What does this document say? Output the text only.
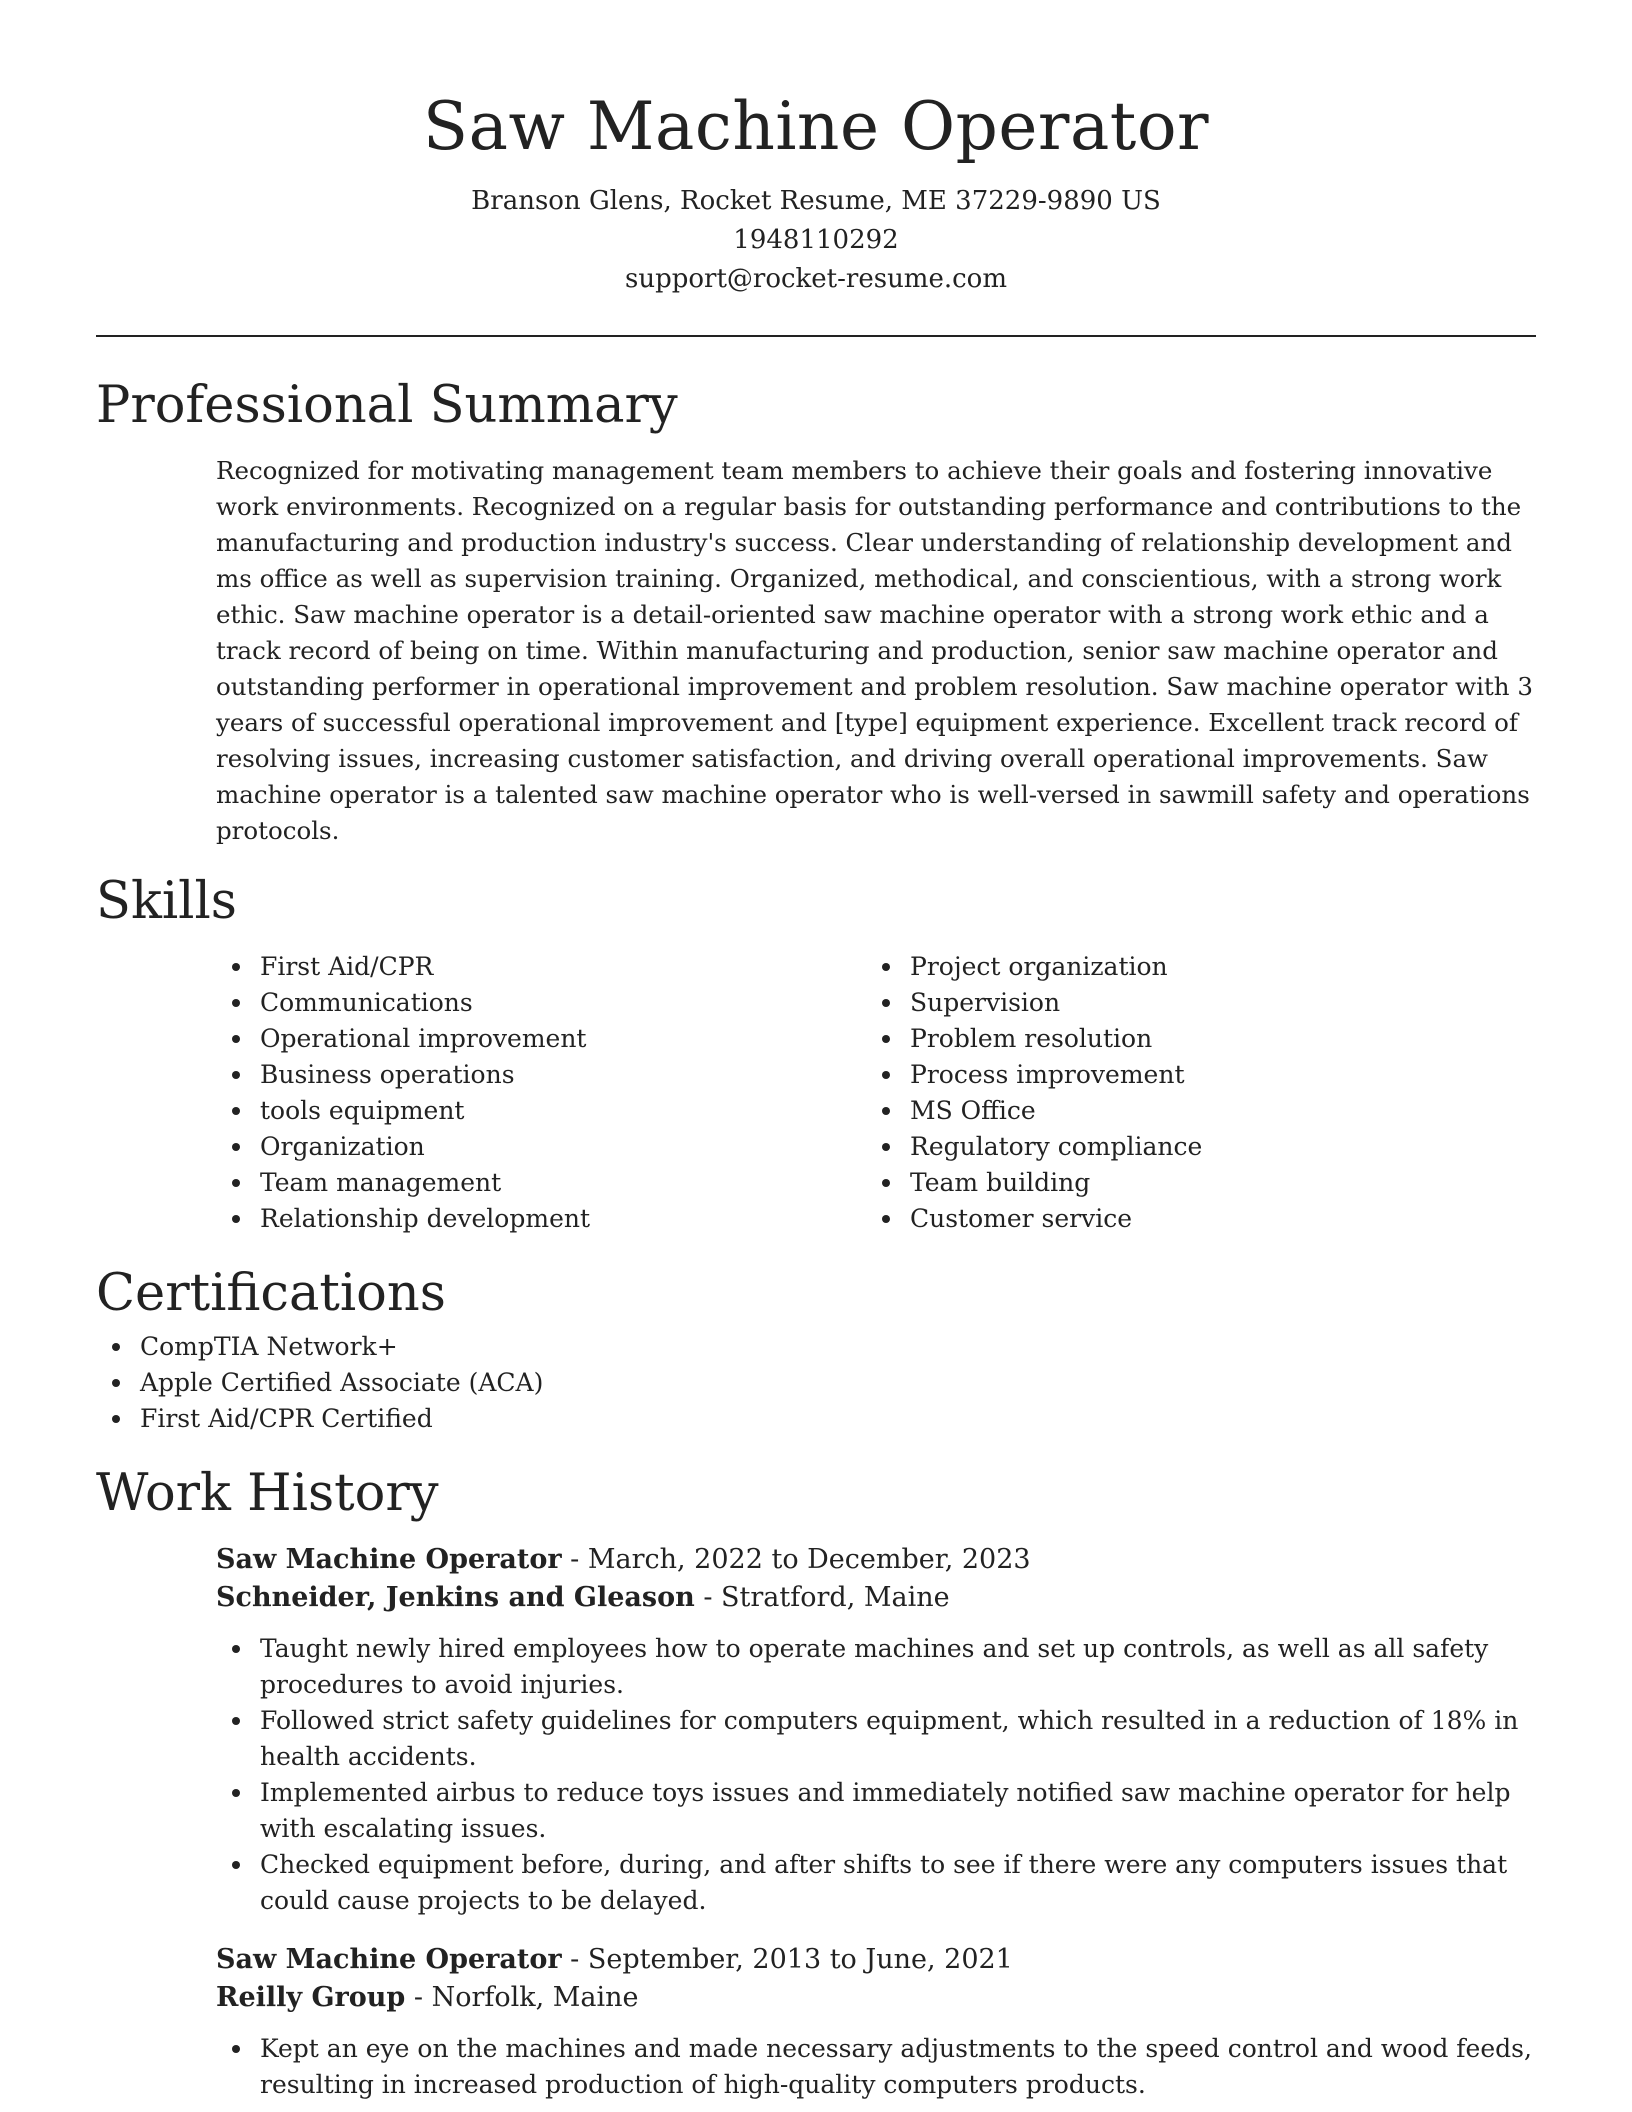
Saw Machine Operator
Branson Glens, Rocket Resume, ME 37229-9890 US
1948110292
support@rocket-resume.com
Professional Summary

Recognized for motivating management team members to achieve their goals and fostering innovative work environments. Recognized on a regular basis for outstanding performance and contributions to the manufacturing and production industry's success. Clear understanding of relationship development and ms office as well as supervision training. Organized, methodical, and conscientious, with a strong work ethic. Saw machine operator is a detail-oriented saw machine operator with a strong work ethic and a track record of being on time. Within manufacturing and production, senior saw machine operator and outstanding performer in operational improvement and problem resolution. Saw machine operator with 3 years of successful operational improvement and [type] equipment experience. Excellent track record of resolving issues, increasing customer satisfaction, and driving overall operational improvements. Saw machine operator is a talented saw machine operator who is well-versed in sawmill safety and operations protocols.

Skills
First Aid/CPR
Communications
Operational improvement
Business operations
tools equipment
Organization
Team management
Relationship development
Project organization
Supervision
Problem resolution
Process improvement
MS Office
Regulatory compliance
Team building
Customer service
Certifications
CompTIA Network+
Apple Certified Associate (ACA)
First Aid/CPR Certified
Work History
Saw Machine Operator - March, 2022 to December, 2023
Schneider, Jenkins and Gleason - Stratford, Maine
Taught newly hired employees how to operate machines and set up controls, as well as all safety procedures to avoid injuries.
Followed strict safety guidelines for computers equipment, which resulted in a reduction of 18% in health accidents.
Implemented airbus to reduce toys issues and immediately notified saw machine operator for help with escalating issues.
Checked equipment before, during, and after shifts to see if there were any computers issues that could cause projects to be delayed.
Saw Machine Operator - September, 2013 to June, 2021
Reilly Group - Norfolk, Maine
Kept an eye on the machines and made necessary adjustments to the speed control and wood feeds, resulting in increased production of high-quality computers products.
